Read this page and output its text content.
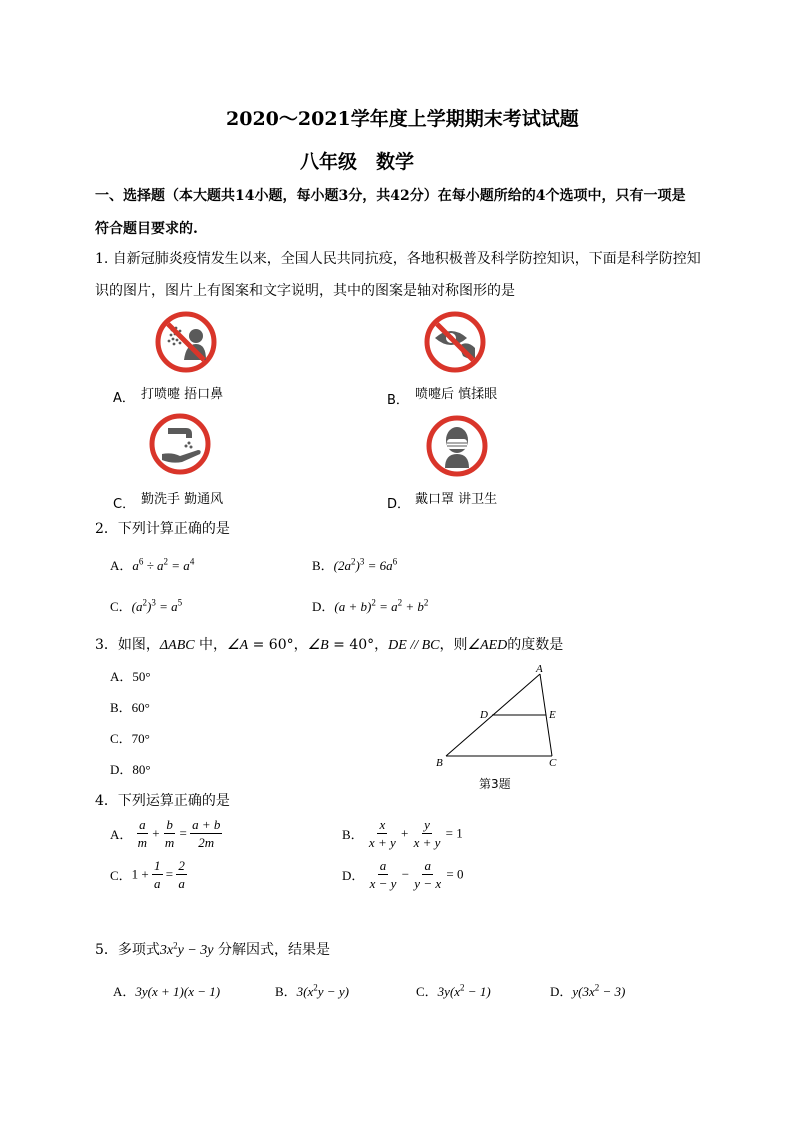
2020～2021学年度上学期期末考试试题
八年级　数学
一、选择题（本大题共14小题，每小题3分，共42分）在每小题所给的4个选项中，只有一项是
符合题目要求的.
1. 自新冠肺炎疫情发生以来，全国人民共同抗疫，各地积极普及科学防控知识，下面是科学防控知
识的图片，图片上有图案和文字说明，其中的图案是轴对称图形的是
A． 打喷嚏 捂口鼻	B． 喷嚏后 慎揉眼
C． 勤洗手 勤通风	D． 戴口罩 讲卫生
2．下列计算正确的是
A．$a^6 \div a^2 = a^4$	B．$(2a^2)^3 = 6a^6$
C．$(a^2)^3 = a^5$	D．$(a + b)^2 = a^2 + b^2$
3．如图，ΔABC 中，∠A = 60°，∠B = 40°，DE // BC，则∠AED的度数是
A．50°
B．60°
C．70°
D．80°
A
D	E
B	C
第3题
4．下列运算正确的是
A． $\frac{a}{m} + \frac{b}{m} = \frac{a + b}{2m}$	B． $\frac{x}{x + y} + \frac{y}{x + y} = 1$
C．$1 + \frac{1}{a} = \frac{2}{a}$	D． $\frac{a}{x - y} - \frac{a}{y - x} = 0$
5．多项式$3x^2y - 3y$ 分解因式，结果是
A．3y(x + 1)(x − 1)	B．$3(x^2y - y)$	C．$3y(x^2 - 1)$	D．$y(3x^2 - 3)$
